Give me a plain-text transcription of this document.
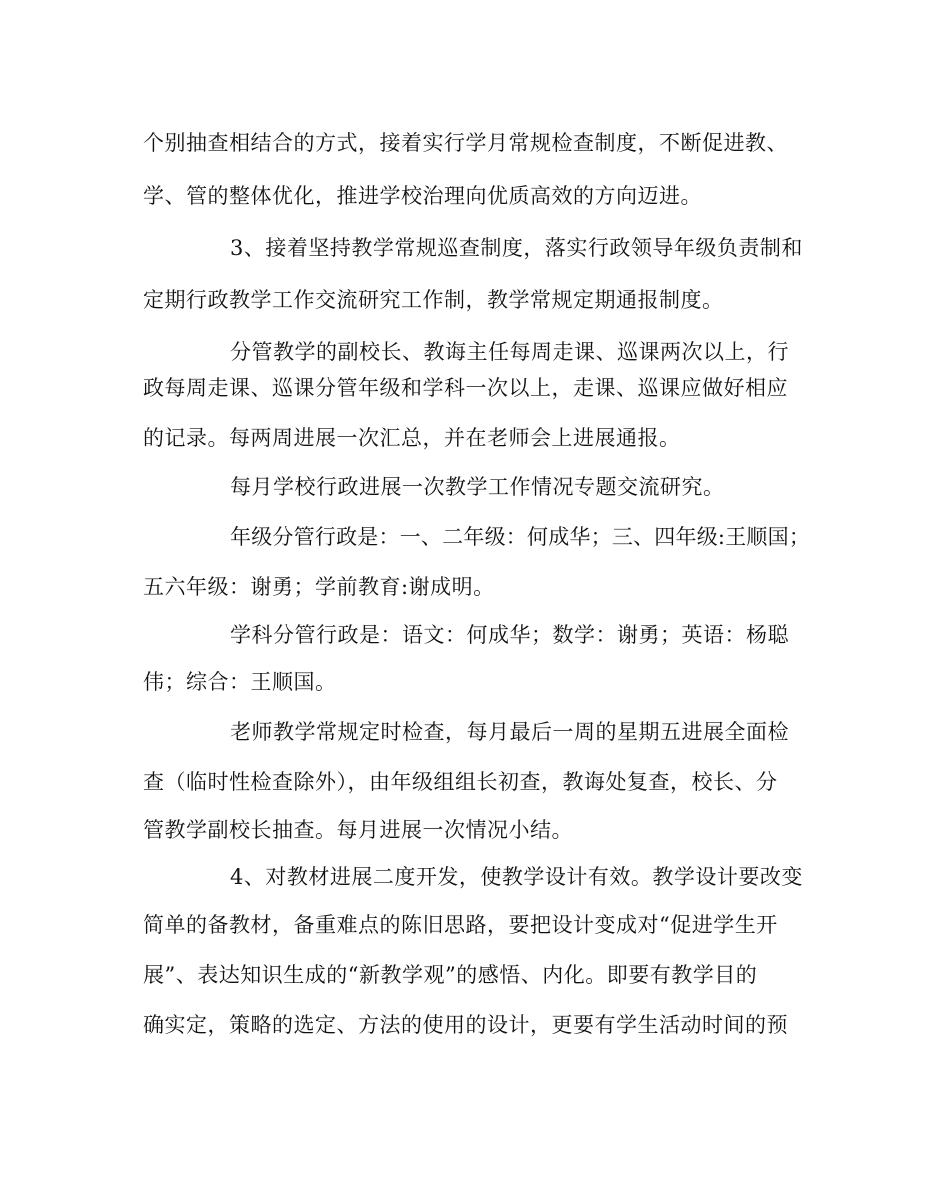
个别抽查相结合的方式，接着实行学月常规检查制度，不断促进教、
学、管的整体优化，推进学校治理向优质高效的方向迈进。
3、接着坚持教学常规巡查制度，落实行政领导年级负责制和
定期行政教学工作交流研究工作制，教学常规定期通报制度。
分管教学的副校长、教诲主任每周走课、巡课两次以上，行
政每周走课、巡课分管年级和学科一次以上，走课、巡课应做好相应
的记录。每两周进展一次汇总，并在老师会上进展通报。
每月学校行政进展一次教学工作情况专题交流研究。
年级分管行政是：一、二年级：何成华；三、四年级:王顺国；
五六年级：谢勇；学前教育:谢成明。
学科分管行政是：语文：何成华；数学：谢勇；英语：杨聪
伟；综合：王顺国。
老师教学常规定时检查，每月最后一周的星期五进展全面检
查（临时性检查除外），由年级组组长初查，教诲处复查，校长、分
管教学副校长抽查。每月进展一次情况小结。
4、对教材进展二度开发，使教学设计有效。教学设计要改变
简单的备教材，备重难点的陈旧思路，要把设计变成对“促进学生开
展”、表达知识生成的“新教学观”的感悟、内化。即要有教学目的
确实定，策略的选定、方法的使用的设计，更要有学生活动时间的预
